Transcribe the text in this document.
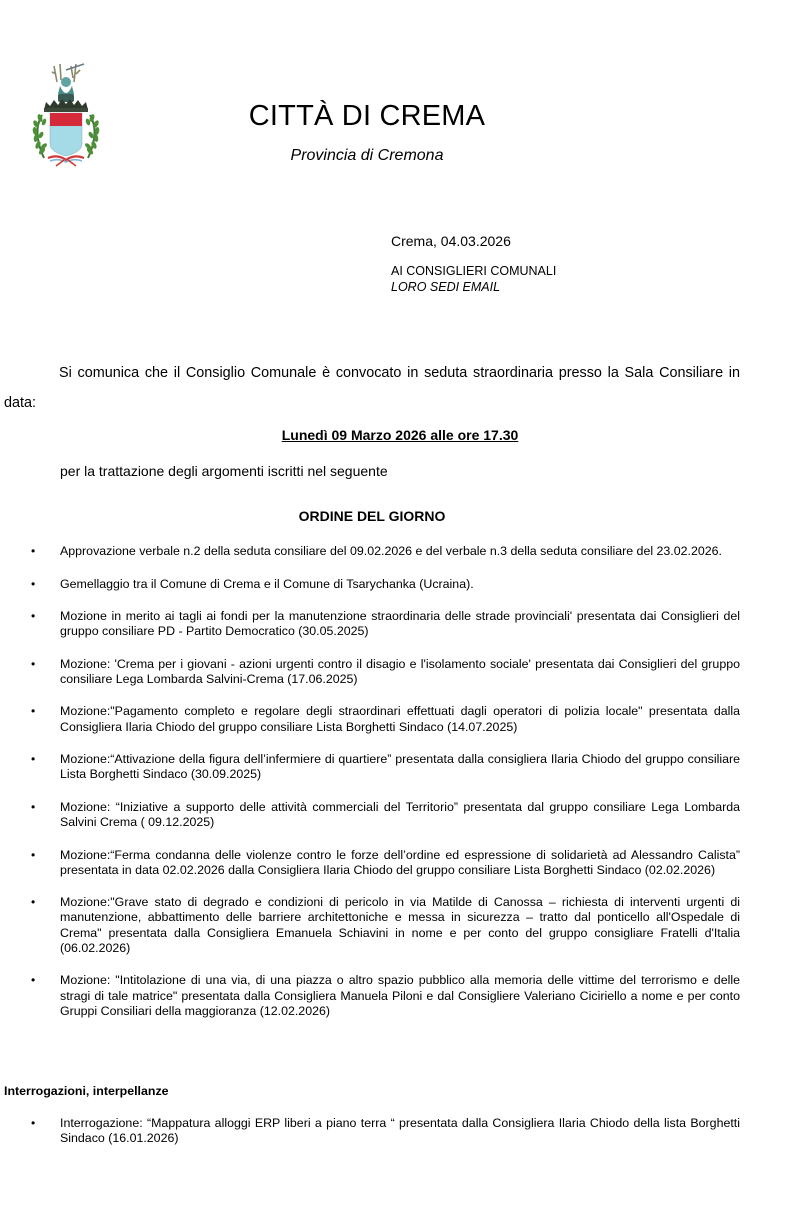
CITTÀ DI CREMA
Provincia di Cremona
Crema, 04.03.2026
AI CONSIGLIERI COMUNALI
LORO SEDI EMAIL
Si comunica che il Consiglio Comunale è convocato in seduta straordinaria presso la Sala Consiliare in data:
Lunedì 09 Marzo 2026 alle ore 17.30
per la trattazione degli argomenti iscritti nel seguente
ORDINE DEL GIORNO
• Approvazione verbale n.2 della seduta consiliare del 09.02.2026 e del verbale n.3 della seduta consiliare del 23.02.2026.
• Gemellaggio tra il Comune di Crema e il Comune di Tsarychanka (Ucraina).
• Mozione in merito ai tagli ai fondi per la manutenzione straordinaria delle strade provinciali' presentata dai Consiglieri del gruppo consiliare PD - Partito Democratico (30.05.2025)
• Mozione: 'Crema per i giovani - azioni urgenti contro il disagio e l'isolamento sociale' presentata dai Consiglieri del gruppo consiliare Lega Lombarda Salvini-Crema (17.06.2025)
• Mozione:"Pagamento completo e regolare degli straordinari effettuati dagli operatori di polizia locale" presentata dalla Consigliera Ilaria Chiodo del gruppo consiliare Lista Borghetti Sindaco (14.07.2025)
• Mozione:“Attivazione della figura dell’infermiere di quartiere” presentata dalla consigliera Ilaria Chiodo del gruppo consiliare Lista Borghetti Sindaco (30.09.2025)
• Mozione: “Iniziative a supporto delle attività commerciali del Territorio” presentata dal gruppo consiliare Lega Lombarda Salvini Crema ( 09.12.2025)
• Mozione:“Ferma condanna delle violenze contro le forze dell’ordine ed espressione di solidarietà ad Alessandro Calista” presentata in data 02.02.2026 dalla Consigliera Ilaria Chiodo del gruppo consiliare Lista Borghetti Sindaco (02.02.2026)
• Mozione:"Grave stato di degrado e condizioni di pericolo in via Matilde di Canossa – richiesta di interventi urgenti di manutenzione, abbattimento delle barriere architettoniche e messa in sicurezza – tratto dal ponticello all'Ospedale di Crema" presentata dalla Consigliera Emanuela Schiavini in nome e per conto del gruppo consigliare Fratelli d'Italia (06.02.2026)
• Mozione: "Intitolazione di una via, di una piazza o altro spazio pubblico alla memoria delle vittime del terrorismo e delle stragi di tale matrice" presentata dalla Consigliera Manuela Piloni e dal Consigliere Valeriano Ciciriello a nome e per conto Gruppi Consiliari della maggioranza (12.02.2026)
Interrogazioni, interpellanze
• Interrogazione: “Mappatura alloggi ERP liberi a piano terra “ presentata dalla Consigliera Ilaria Chiodo della lista Borghetti Sindaco (16.01.2026)
